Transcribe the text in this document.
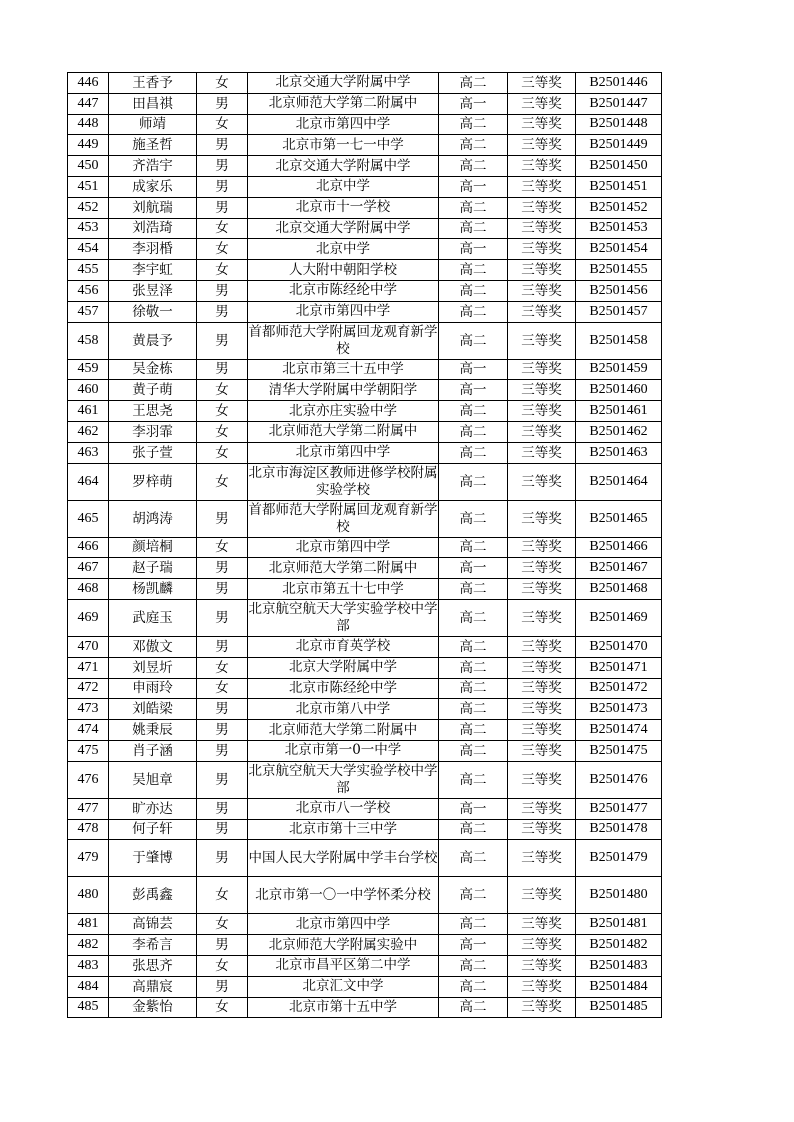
446	王香予	女	北京交通大学附属中学	高二	三等奖	B2501446
447	田昌祺	男	北京师范大学第二附属中	高一	三等奖	B2501447
448	师靖	女	北京市第四中学	高二	三等奖	B2501448
449	施圣哲	男	北京市第一七一中学	高二	三等奖	B2501449
450	齐浩宇	男	北京交通大学附属中学	高二	三等奖	B2501450
451	成家乐	男	北京中学	高一	三等奖	B2501451
452	刘航瑞	男	北京市十一学校	高二	三等奖	B2501452
453	刘浩琦	女	北京交通大学附属中学	高二	三等奖	B2501453
454	李羽棔	女	北京中学	高一	三等奖	B2501454
455	李宇虹	女	人大附中朝阳学校	高二	三等奖	B2501455
456	张昱泽	男	北京市陈经纶中学	高二	三等奖	B2501456
457	徐敬一	男	北京市第四中学	高二	三等奖	B2501457
458	黄晨予	男	首都师范大学附属回龙观育新学校	高二	三等奖	B2501458
459	吴金栋	男	北京市第三十五中学	高一	三等奖	B2501459
460	黄子萌	女	清华大学附属中学朝阳学	高一	三等奖	B2501460
461	王思尧	女	北京亦庄实验中学	高二	三等奖	B2501461
462	李羽霏	女	北京师范大学第二附属中	高二	三等奖	B2501462
463	张子萱	女	北京市第四中学	高二	三等奖	B2501463
464	罗梓萌	女	北京市海淀区教师进修学校附属实验学校	高二	三等奖	B2501464
465	胡鸿涛	男	首都师范大学附属回龙观育新学校	高二	三等奖	B2501465
466	颜培桐	女	北京市第四中学	高二	三等奖	B2501466
467	赵子瑞	男	北京师范大学第二附属中	高一	三等奖	B2501467
468	杨凯麟	男	北京市第五十七中学	高二	三等奖	B2501468
469	武庭玉	男	北京航空航天大学实验学校中学部	高二	三等奖	B2501469
470	邓傲文	男	北京市育英学校	高二	三等奖	B2501470
471	刘昱圻	女	北京大学附属中学	高二	三等奖	B2501471
472	申雨玲	女	北京市陈经纶中学	高二	三等奖	B2501472
473	刘皓梁	男	北京市第八中学	高二	三等奖	B2501473
474	姚秉辰	男	北京师范大学第二附属中	高二	三等奖	B2501474
475	肖子涵	男	北京市第一0一中学	高二	三等奖	B2501475
476	吴旭章	男	北京航空航天大学实验学校中学部	高二	三等奖	B2501476
477	旷亦达	男	北京市八一学校	高一	三等奖	B2501477
478	何子轩	男	北京市第十三中学	高二	三等奖	B2501478
479	于肇博	男	中国人民大学附属中学丰台学校	高二	三等奖	B2501479
480	彭禹鑫	女	北京市第一〇一中学怀柔分校	高二	三等奖	B2501480
481	高锦芸	女	北京市第四中学	高二	三等奖	B2501481
482	李希言	男	北京师范大学附属实验中	高一	三等奖	B2501482
483	张思齐	女	北京市昌平区第二中学	高二	三等奖	B2501483
484	高鼎宸	男	北京汇文中学	高二	三等奖	B2501484
485	金紫怡	女	北京市第十五中学	高二	三等奖	B2501485
